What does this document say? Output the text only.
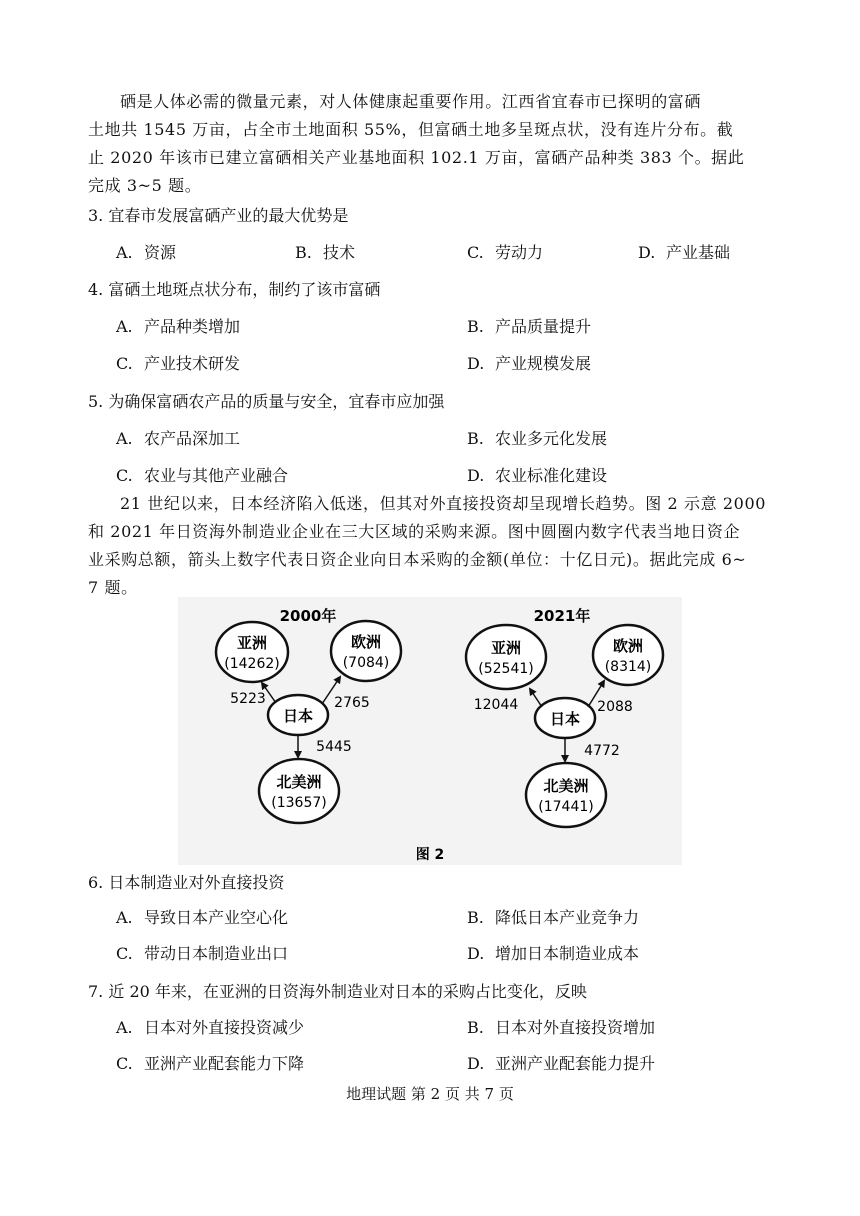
硒是人体必需的微量元素，对人体健康起重要作用。江西省宜春市已探明的富硒

土地共 1545 万亩，占全市土地面积 55%，但富硒土地多呈斑点状，没有连片分布。截

止 2020 年该市已建立富硒相关产业基地面积 102.1 万亩，富硒产品种类 383 个。据此

完成 3~5 题。

3. 宜春市发展富硒产业的最大优势是

A. 资源	B. 技术	C. 劳动力	D. 产业基础

4. 富硒土地斑点状分布，制约了该市富硒

A. 产品种类增加	B. 产品质量提升
C. 产业技术研发	D. 产业规模发展

5. 为确保富硒农产品的质量与安全，宜春市应加强

A. 农产品深加工	B. 农业多元化发展
C. 农业与其他产业融合	D. 农业标准化建设

21 世纪以来，日本经济陷入低迷，但其对外直接投资却呈现增长趋势。图 2 示意 2000

和 2021 年日资海外制造业企业在三大区域的采购来源。图中圆圈内数字代表当地日资企

业采购总额，箭头上数字代表日资企业向日本采购的金额(单位：十亿日元)。据此完成 6~

7 题。

2000年
亚洲
(14262)
欧洲
(7084)
日本
北美洲
(13657)
5223	2765
5445
2021年
亚洲
(52541)
欧洲
(8314)
日本
北美洲
(17441)
12044	2088
4772
图 2

6. 日本制造业对外直接投资

A. 导致日本产业空心化	B. 降低日本产业竞争力
C. 带动日本制造业出口	D. 增加日本制造业成本

7. 近 20 年来，在亚洲的日资海外制造业对日本的采购占比变化，反映

A. 日本对外直接投资减少	B. 日本对外直接投资增加
C. 亚洲产业配套能力下降	D. 亚洲产业配套能力提升
地理试题 第 2 页 共 7 页
